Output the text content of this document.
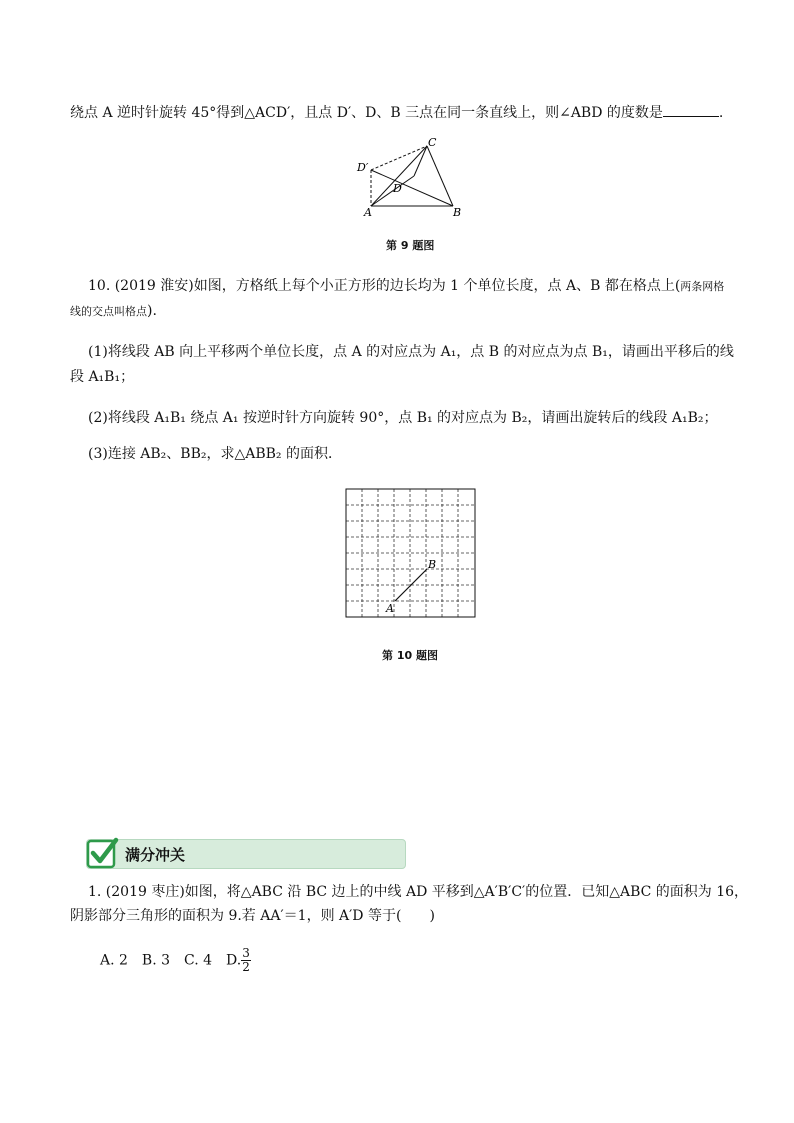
绕点 A 逆时针旋转 45°得到△ACD′，且点 D′、D、B 三点在同一条直线上，则∠ABD 的度数是	.
C
D′
D
A	B
第 9 题图
10. (2019 淮安)如图，方格纸上每个小正方形的边长均为 1 个单位长度，点 A、B 都在格点上(两条网格
线的交点叫格点).
(1)将线段 AB 向上平移两个单位长度，点 A 的对应点为 A₁，点 B 的对应点为点 B₁，请画出平移后的线
段 A₁B₁；
(2)将线段 A₁B₁ 绕点 A₁ 按逆时针方向旋转 90°，点 B₁ 的对应点为 B₂，请画出旋转后的线段 A₁B₂；
(3)连接 AB₂、BB₂，求△ABB₂ 的面积．
A
B
第 10 题图
满分冲关
1. (2019 枣庄)如图，将△ABC 沿 BC 边上的中线 AD 平移到△A′B′C′的位置．已知△ABC 的面积为 16，
阴影部分三角形的面积为 9.若 AA′＝1，则 A′D 等于(　　)
A. 2　B. 3　C. 4　D. $\frac{3}{2}$
